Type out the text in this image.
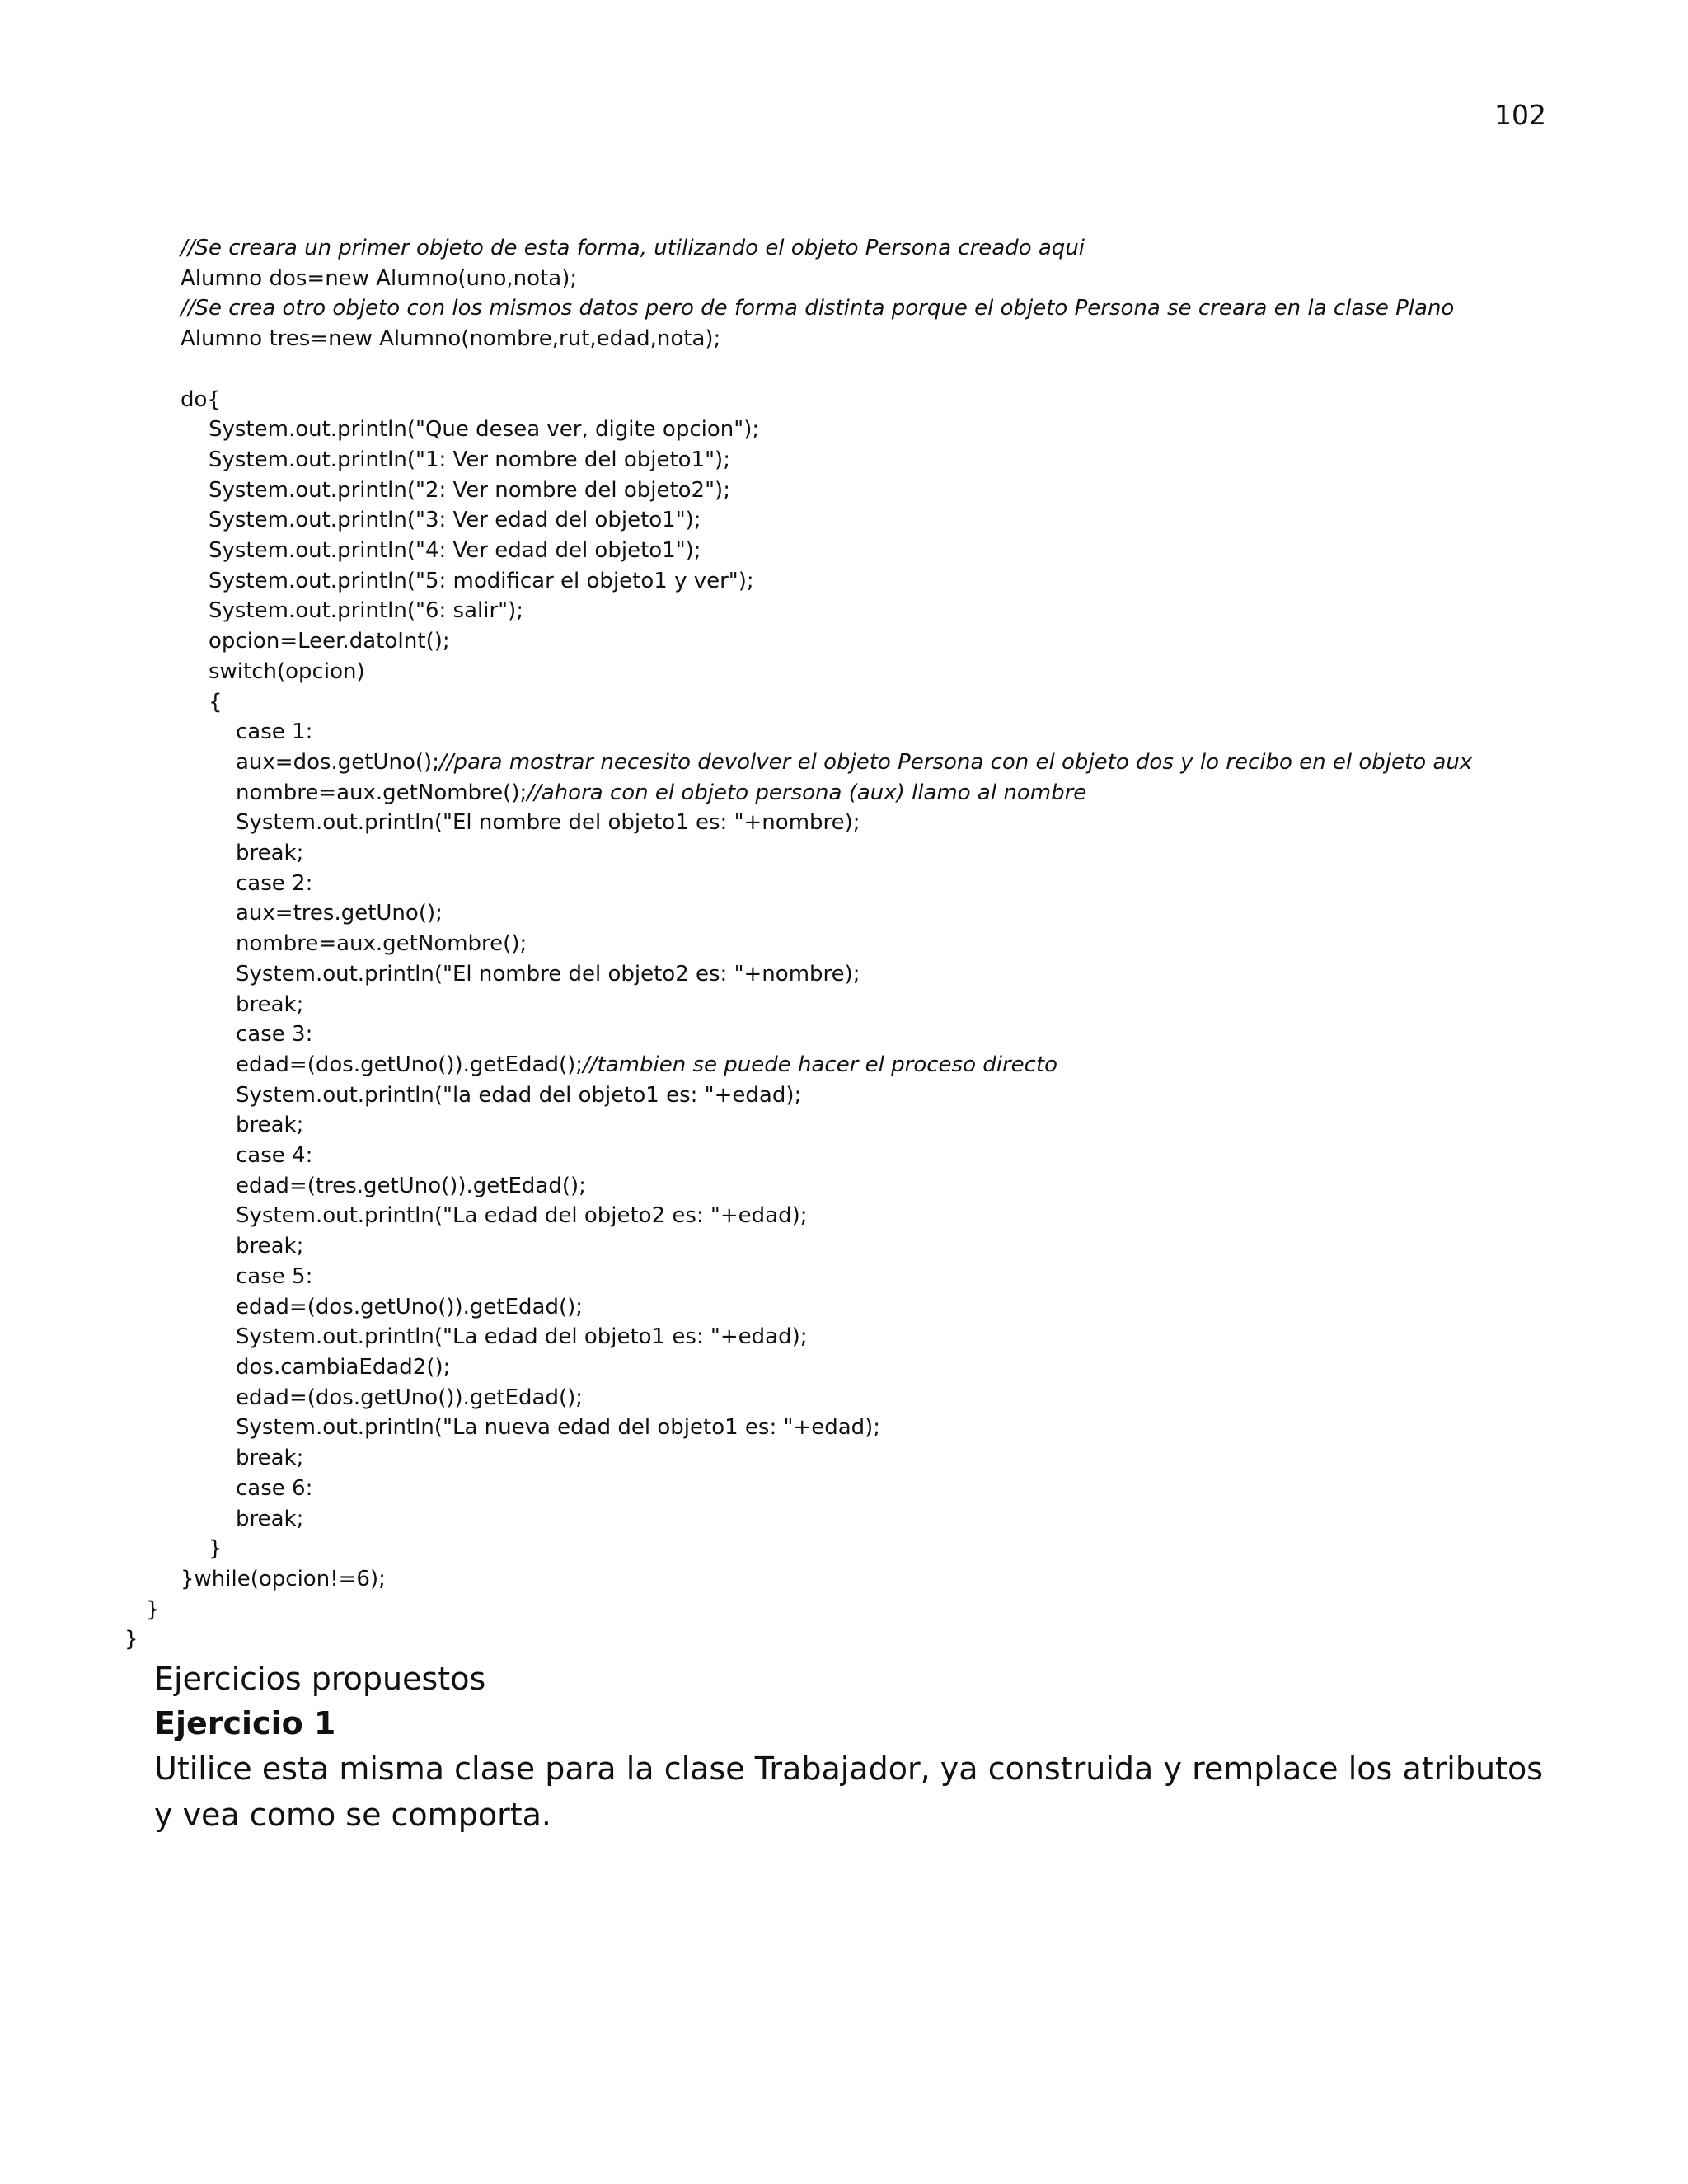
102
//Se creara un primer objeto de esta forma, utilizando el objeto Persona creado aqui
Alumno dos=new Alumno(uno,nota);
//Se crea otro objeto con los mismos datos pero de forma distinta porque el objeto Persona se creara en la clase Plano
Alumno tres=new Alumno(nombre,rut,edad,nota);
do{
System.out.println("Que desea ver, digite opcion");
System.out.println("1: Ver nombre del objeto1");
System.out.println("2: Ver nombre del objeto2");
System.out.println("3: Ver edad del objeto1");
System.out.println("4: Ver edad del objeto1");
System.out.println("5: modificar el objeto1 y ver");
System.out.println("6: salir");
opcion=Leer.datoInt();
switch(opcion)
{
case 1:
aux=dos.getUno();//para mostrar necesito devolver el objeto Persona con el objeto dos y lo recibo en el objeto aux
nombre=aux.getNombre();//ahora con el objeto persona (aux) llamo al nombre
System.out.println("El nombre del objeto1 es: "+nombre);
break;
case 2:
aux=tres.getUno();
nombre=aux.getNombre();
System.out.println("El nombre del objeto2 es: "+nombre);
break;
case 3:
edad=(dos.getUno()).getEdad();//tambien se puede hacer el proceso directo
System.out.println("la edad del objeto1 es: "+edad);
break;
case 4:
edad=(tres.getUno()).getEdad();
System.out.println("La edad del objeto2 es: "+edad);
break;
case 5:
edad=(dos.getUno()).getEdad();
System.out.println("La edad del objeto1 es: "+edad);
dos.cambiaEdad2();
edad=(dos.getUno()).getEdad();
System.out.println("La nueva edad del objeto1 es: "+edad);
break;
case 6:
break;
}
}while(opcion!=6);
}
}
Ejercicios propuestos
Ejercicio 1

Utilice esta misma clase para la clase Trabajador, ya construida y remplace los atributos y vea como se comporta.
